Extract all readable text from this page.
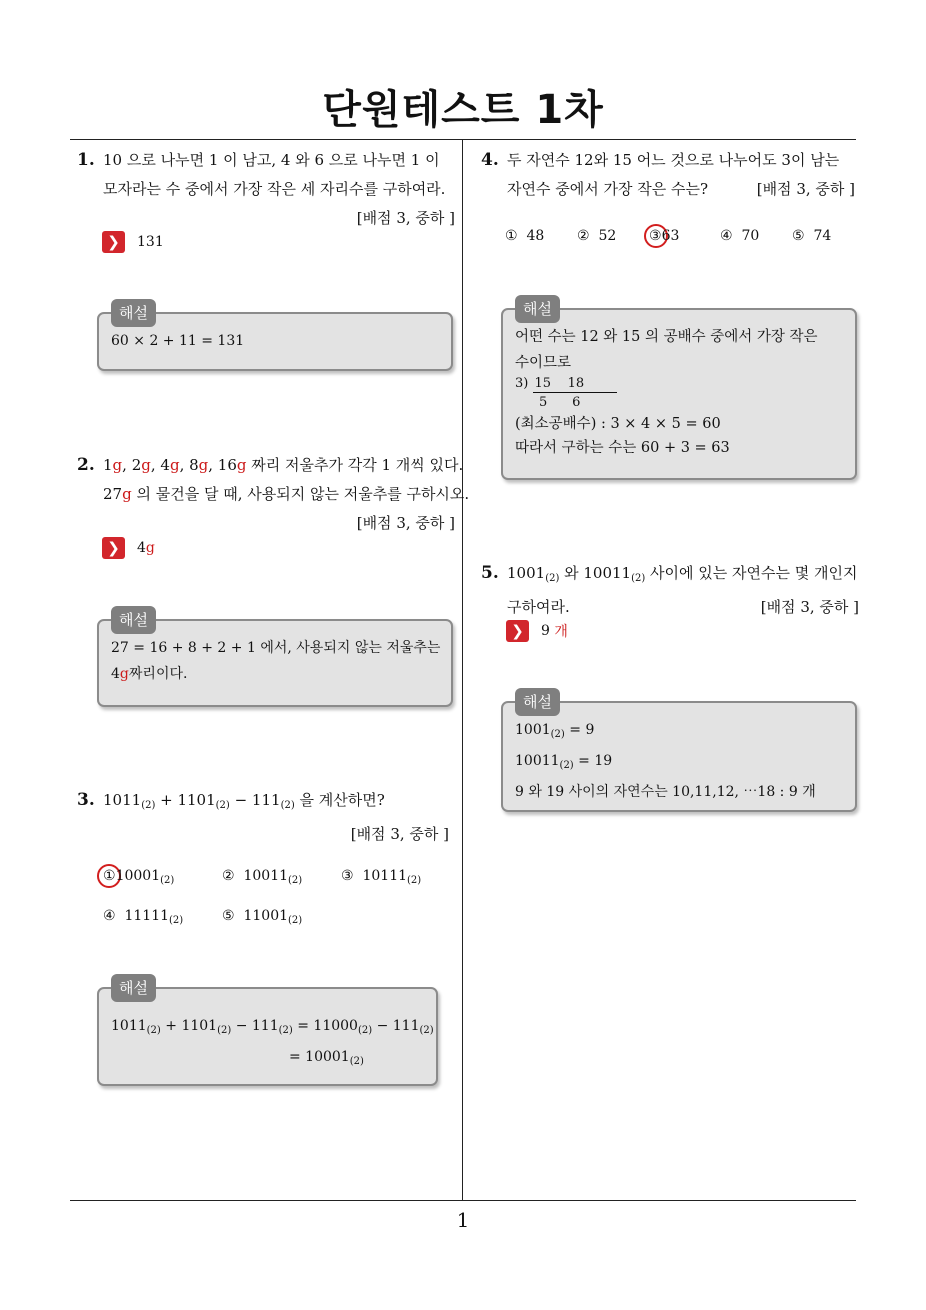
단원테스트 1차
1
1. 10 으로 나누면 1 이 남고, 4 와 6 으로 나누면 1 이
모자라는 수 중에서 가장 작은 세 자리수를 구하여라.
[배점 3, 중하 ]
❯	131
해설
60 × 2 + 11 = 131
2. 1g, 2g, 4g, 8g, 16g 짜리 저울추가 각각 1 개씩 있다.
27g 의 물건을 달 때, 사용되지 않는 저울추를 구하시오.
[배점 3, 중하 ]
❯	4 g
해설
27 = 16 + 8 + 2 + 1 에서, 사용되지 않는 저울추는
4g짜리이다.
3. $1011_{(2)} + 1101_{(2)} - 111_{(2)}$ 을 계산하면?
[배점 3, 중하 ]
$①10001_{(2)}$	② $10011_{(2)}$	③ $10111_{(2)}$
④ $11111_{(2)}$	⑤ $11001_{(2)}$
해설
$1011_{(2)} + 1101_{(2)} - 111_{(2)} = 11000_{(2)} - 111_{(2)}$
= $10001_{(2)}$
4. 두 자연수 12와 15 어느 것으로 나누어도 3이 남는
자연수 중에서 가장 작은 수는?	[배점 3, 중하 ]
① 48 ② 52 ③63	④ 70 ⑤ 74
해설
어떤 수는 12 와 15 의 공배수 중에서 가장 작은
수이므로
3) 15    18
5      6
(최소공배수) : 3 × 4 × 5 = 60
따라서 구하는 수는 60 + 3 = 63
5. $1001_{(2)}$ 와 $10011_{(2)}$ 사이에 있는 자연수는 몇 개인지
구하여라.	[배점 3, 중하 ]
❯	9
개
해설
$1001_{(2)} = 9$
$10011_{(2)} = 19$
9 와 19 사이의 자연수는 10,11,12, ⋯18 : 9 개
